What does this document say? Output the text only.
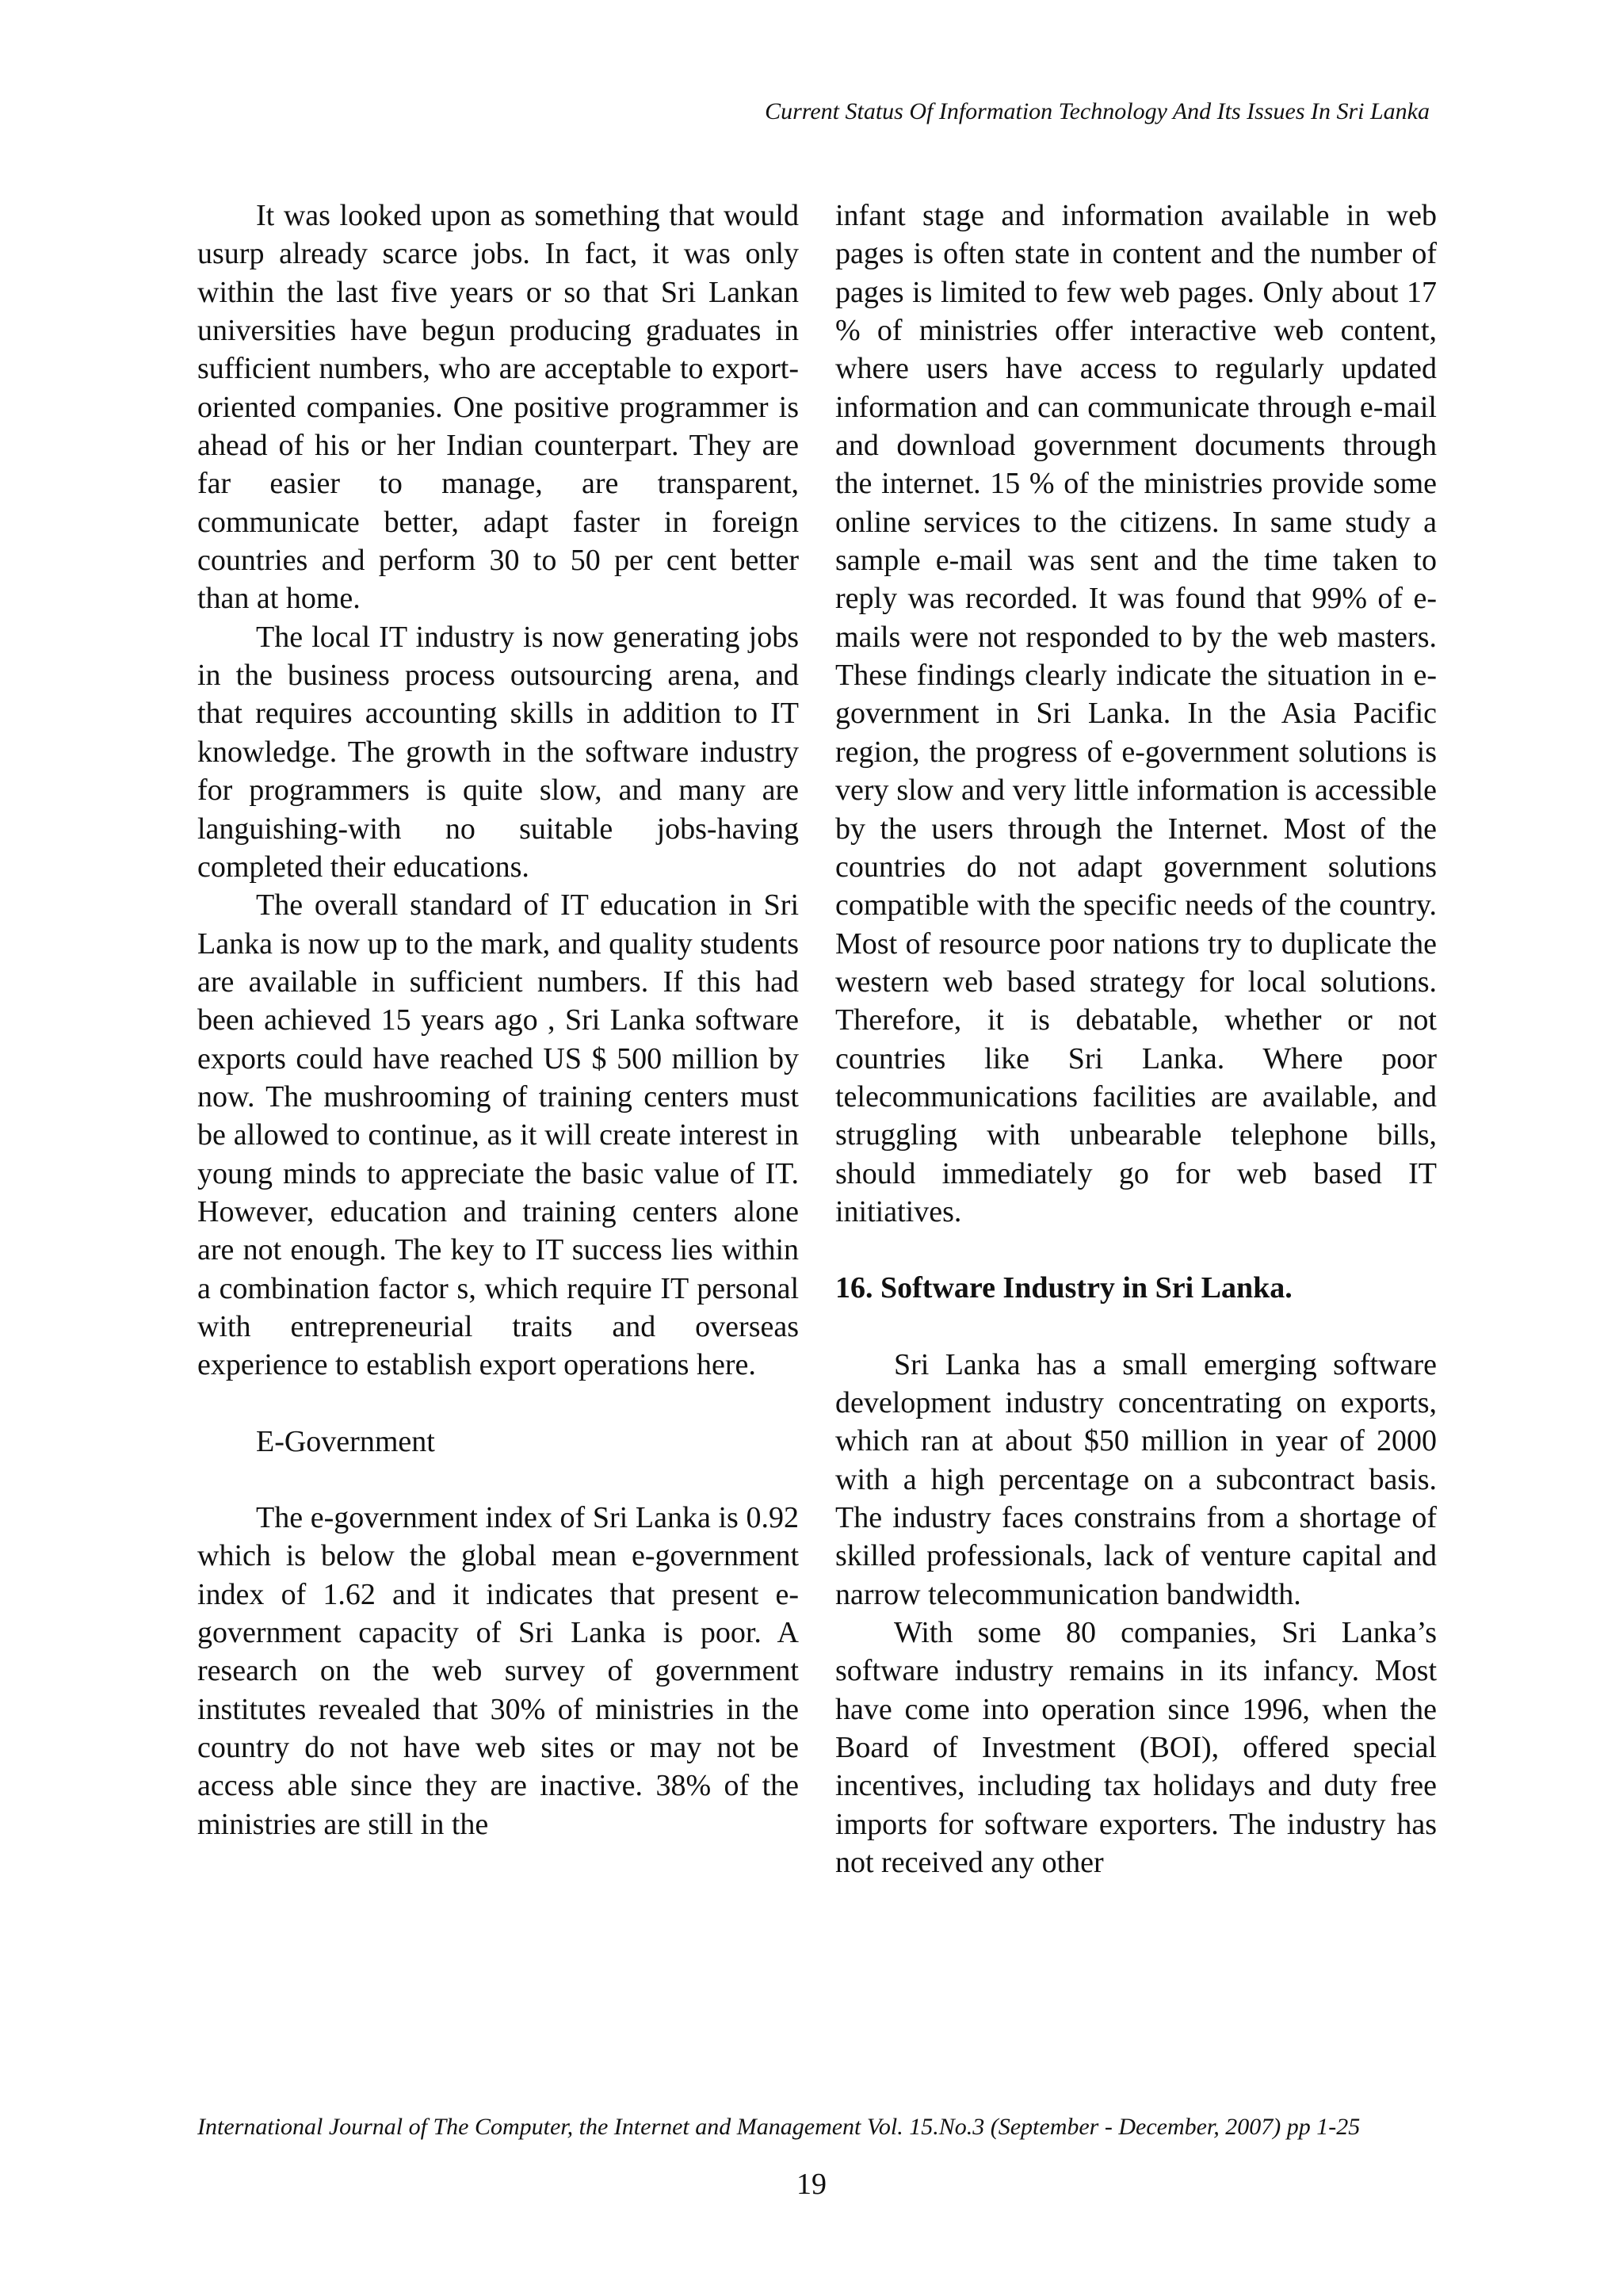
Current Status Of Information Technology And Its Issues In Sri Lanka

It was looked upon as something that would usurp already scarce jobs. In fact, it was only within the last five years or so that Sri Lankan universities have begun producing graduates in sufficient numbers, who are acceptable to export-oriented companies. One positive programmer is ahead of his or her Indian counterpart. They are far easier to manage, are transparent, communicate better, adapt faster in foreign countries and perform 30 to 50 per cent better than at home.

The local IT industry is now generating jobs in the business process outsourcing arena, and that requires accounting skills in addition to IT knowledge. The growth in the software industry for programmers is quite slow, and many are languishing-with no suitable jobs-having completed their educations.

The overall standard of IT education in Sri Lanka is now up to the mark, and quality students are available in sufficient numbers. If this had been achieved 15 years ago , Sri Lanka software exports could have reached US $ 500 million by now. The mushrooming of training centers must be allowed to continue, as it will create interest in young minds to appreciate the basic value of IT. However, education and training centers alone are not enough. The key to IT success lies within a combination factor s, which require IT personal with entrepreneurial traits and overseas experience to establish export operations here.

E-Government

The e-government index of Sri Lanka is 0.92 which is below the global mean e-government index of 1.62 and it indicates that present e-government capacity of Sri Lanka is poor. A research on the web survey of government institutes revealed that 30% of ministries in the country do not have web sites or may not be access able since they are inactive. 38% of the ministries are still in the

infant stage and information available in web pages is often state in content and the number of pages is limited to few web pages. Only about 17 % of ministries offer interactive web content, where users have access to regularly updated information and can communicate through e-mail and download government documents through the internet. 15 % of the ministries provide some online services to the citizens. In same study a sample e-mail was sent and the time taken to reply was recorded. It was found that 99% of e-mails were not responded to by the web masters. These findings clearly indicate the situation in e-government in Sri Lanka. In the Asia Pacific region, the progress of e-government solutions is very slow and very little information is accessible by the users through the Internet. Most of the countries do not adapt government solutions compatible with the specific needs of the country. Most of resource poor nations try to duplicate the western web based strategy for local solutions. Therefore, it is debatable, whether or not countries like Sri Lanka. Where poor telecommunications facilities are available, and struggling with unbearable telephone bills, should immediately go for web based IT initiatives.

16. Software Industry in Sri Lanka.

Sri Lanka has a small emerging software development industry concentrating on exports, which ran at about $50 million in year of 2000 with a high percentage on a subcontract basis. The industry faces constrains from a shortage of skilled professionals, lack of venture capital and narrow telecommunication bandwidth.

With some 80 companies, Sri Lanka’s software industry remains in its infancy. Most have come into operation since 1996, when the Board of Investment (BOI), offered special incentives, including tax holidays and duty free imports for software exporters. The industry has not received any other

International Journal of The Computer, the Internet and Management Vol. 15.No.3 (September - December, 2007) pp 1-25
19
